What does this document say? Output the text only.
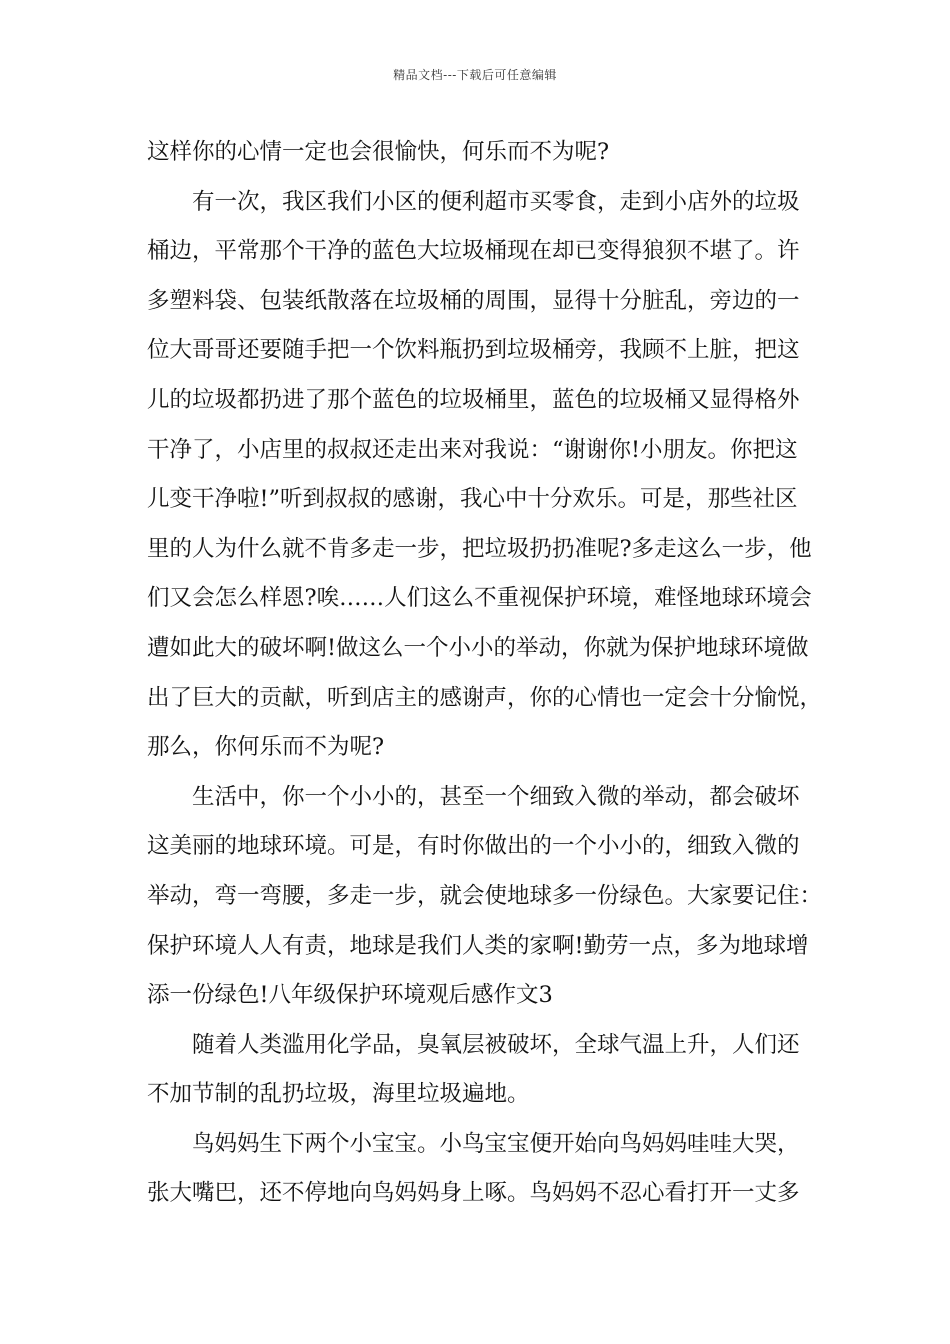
精品文档---下载后可任意编辑
这样你的心情一定也会很愉快，何乐而不为呢?
有一次，我区我们小区的便利超市买零食，走到小店外的垃圾
桶边，平常那个干净的蓝色大垃圾桶现在却已变得狼狈不堪了。许
多塑料袋、包装纸散落在垃圾桶的周围，显得十分脏乱，旁边的一
位大哥哥还要随手把一个饮料瓶扔到垃圾桶旁，我顾不上脏，把这
儿的垃圾都扔进了那个蓝色的垃圾桶里，蓝色的垃圾桶又显得格外
干净了，小店里的叔叔还走出来对我说：“谢谢你!小朋友。你把这
儿变干净啦!”听到叔叔的感谢，我心中十分欢乐。可是，那些社区
里的人为什么就不肯多走一步，把垃圾扔扔准呢?多走这么一步，他
们又会怎么样恩?唉……人们这么不重视保护环境，难怪地球环境会
遭如此大的破坏啊!做这么一个小小的举动，你就为保护地球环境做
出了巨大的贡献，听到店主的感谢声，你的心情也一定会十分愉悦，
那么，你何乐而不为呢?
生活中，你一个小小的，甚至一个细致入微的举动，都会破坏
这美丽的地球环境。可是，有时你做出的一个小小的，细致入微的
举动，弯一弯腰，多走一步，就会使地球多一份绿色。大家要记住：
保护环境人人有责，地球是我们人类的家啊!勤劳一点，多为地球增
添一份绿色!八年级保护环境观后感作文3
随着人类滥用化学品，臭氧层被破坏，全球气温上升，人们还
不加节制的乱扔垃圾，海里垃圾遍地。
鸟妈妈生下两个小宝宝。小鸟宝宝便开始向鸟妈妈哇哇大哭，
张大嘴巴，还不停地向鸟妈妈身上啄。鸟妈妈不忍心看打开一丈多
